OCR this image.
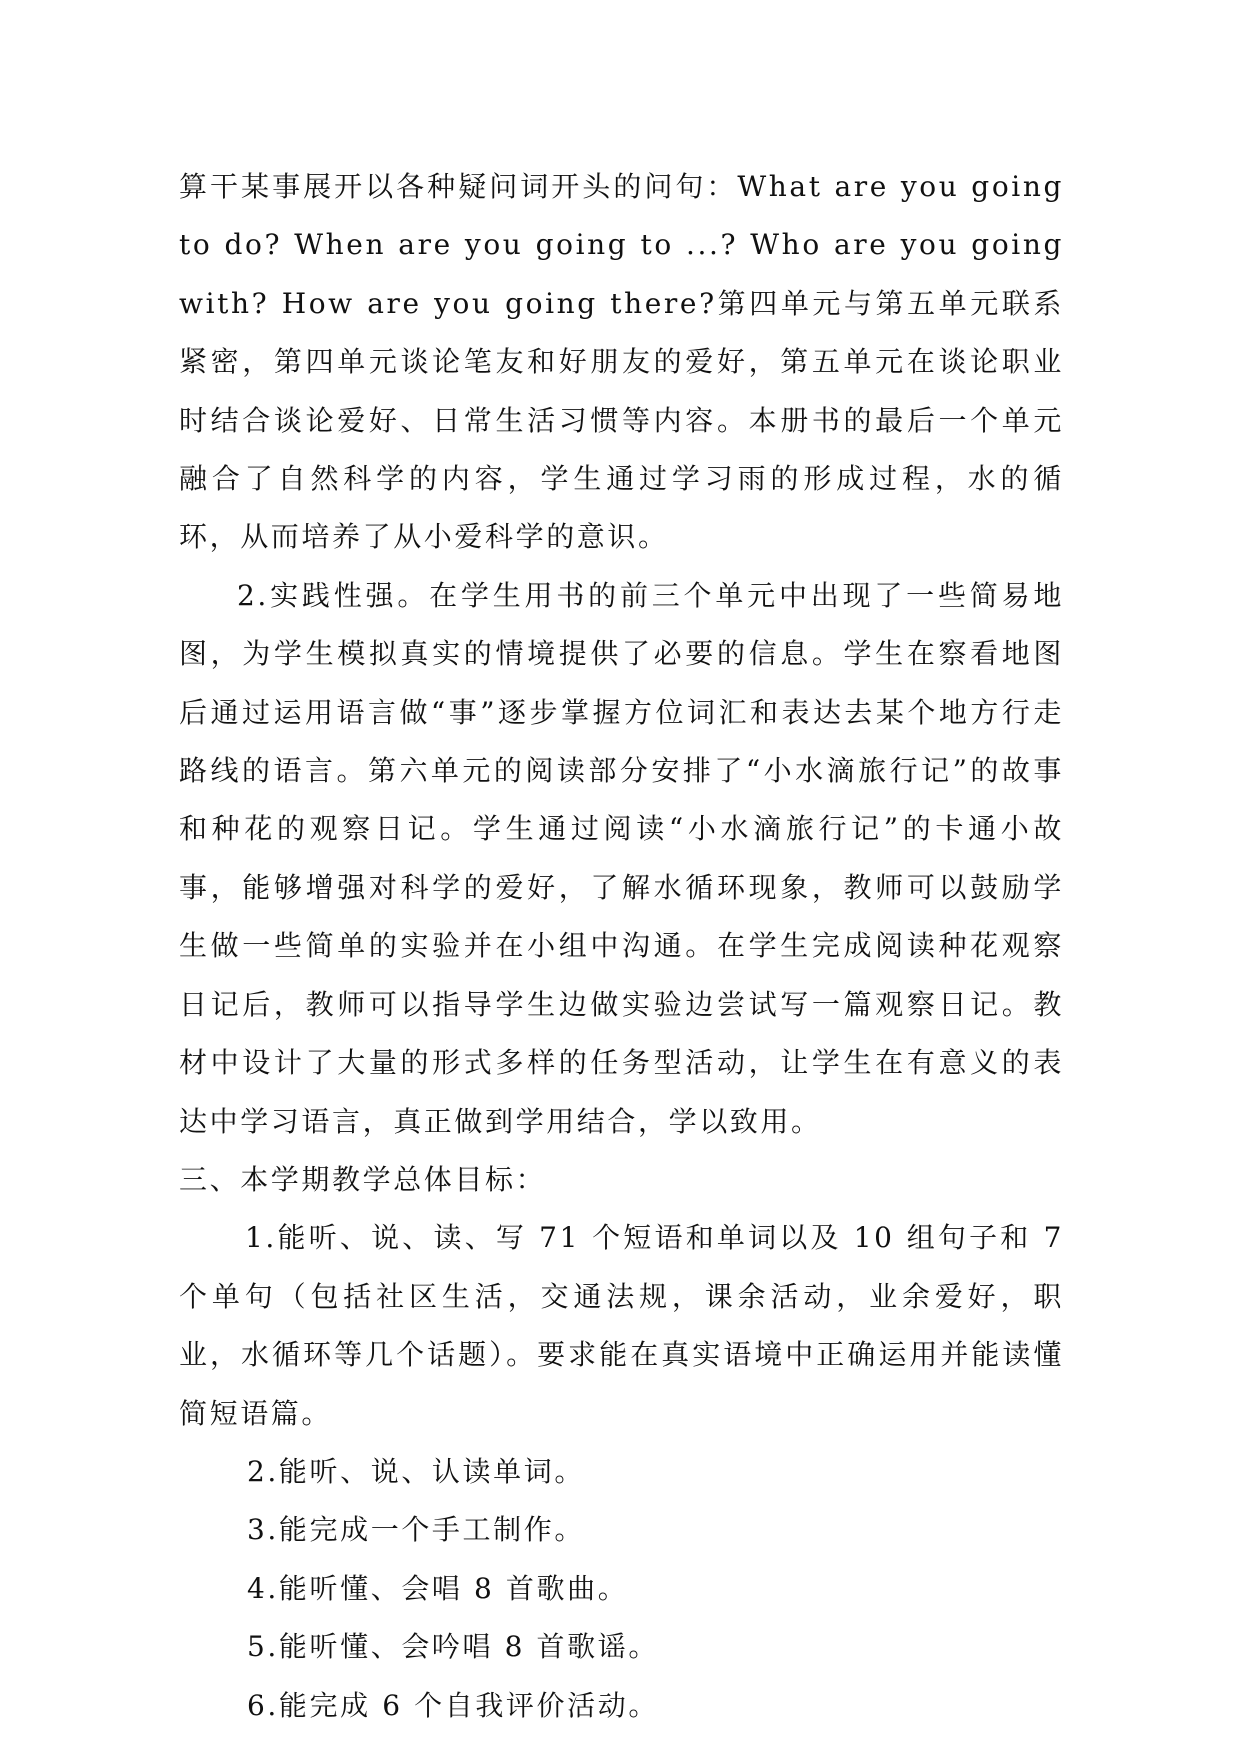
算干某事展开以各种疑问词开头的问句：What are you going to do? When are you going to ...? Who are you going with? How are you going there?第四单元与第五单元联系紧密，第四单元谈论笔友和好朋友的爱好，第五单元在谈论职业时结合谈论爱好、日常生活习惯等内容。本册书的最后一个单元融合了自然科学的内容，学生通过学习雨的形成过程，水的循环，从而培养了从小爱科学的意识。

2.实践性强。在学生用书的前三个单元中出现了一些简易地图，为学生模拟真实的情境提供了必要的信息。学生在察看地图后通过运用语言做“事”逐步掌握方位词汇和表达去某个地方行走路线的语言。第六单元的阅读部分安排了“小水滴旅行记”的故事和种花的观察日记。学生通过阅读“小水滴旅行记”的卡通小故事，能够增强对科学的爱好，了解水循环现象，教师可以鼓励学生做一些简单的实验并在小组中沟通。在学生完成阅读种花观察日记后，教师可以指导学生边做实验边尝试写一篇观察日记。教材中设计了大量的形式多样的任务型活动，让学生在有意义的表达中学习语言，真正做到学用结合，学以致用。

三、本学期教学总体目标：

1.能听、说、读、写 71 个短语和单词以及 10 组句子和 7 个单句（包括社区生活，交通法规，课余活动，业余爱好，职业，水循环等几个话题）。要求能在真实语境中正确运用并能读懂简短语篇。

2.能听、说、认读单词。

3.能完成一个手工制作。

4.能听懂、会唱 8 首歌曲。

5.能听懂、会吟唱 8 首歌谣。

6.能完成 6 个自我评价活动。
